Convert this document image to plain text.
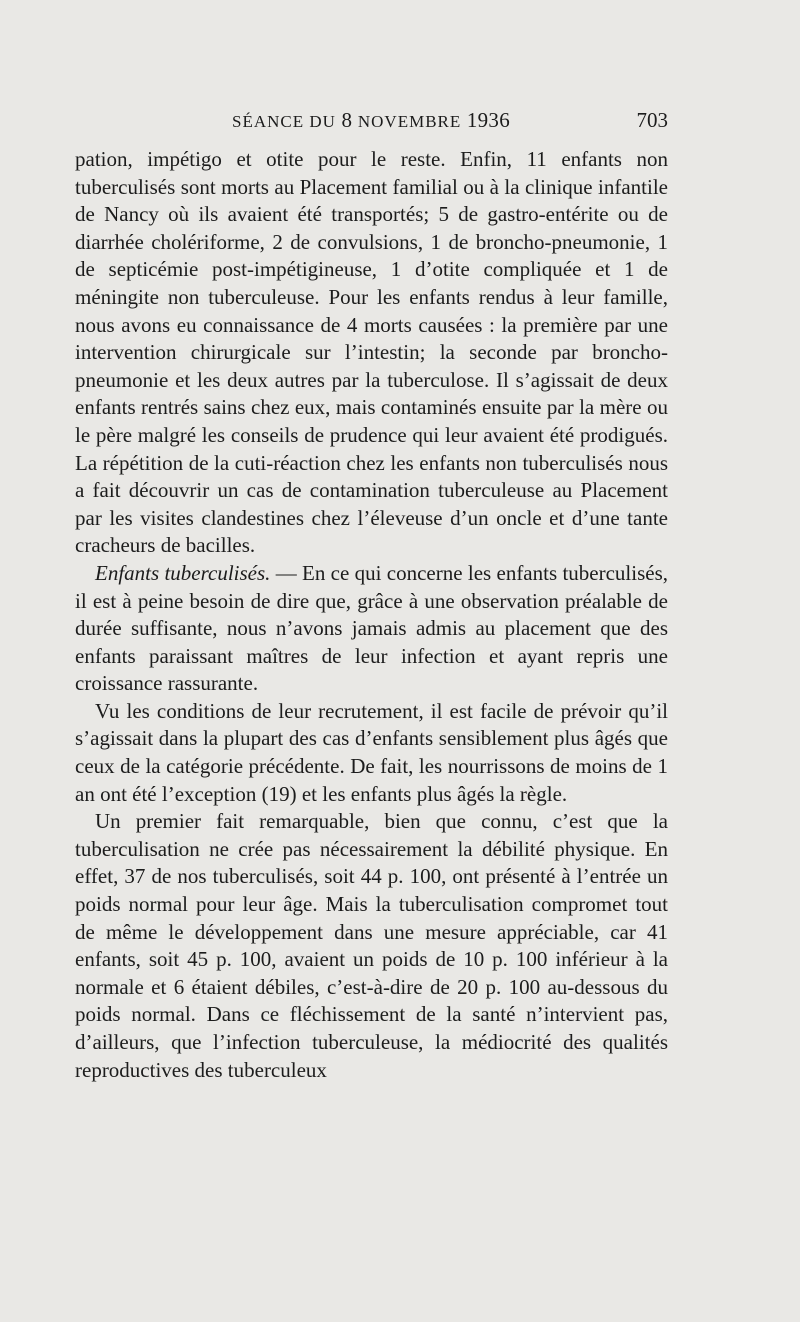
SÉANCE DU 8 NOVEMBRE 1936	703

pation, impétigo et otite pour le reste. Enfin, 11 enfants non tuberculisés sont morts au Placement familial ou à la clinique infantile de Nancy où ils avaient été transportés; 5 de gastro-entérite ou de diarrhée cholériforme, 2 de convulsions, 1 de broncho-pneumonie, 1 de septicémie post-impétigineuse, 1 d’otite compliquée et 1 de méningite non tuberculeuse. Pour les enfants rendus à leur famille, nous avons eu connaissance de 4 morts causées : la première par une intervention chirurgicale sur l’intestin; la seconde par broncho-pneumonie et les deux autres par la tuberculose. Il s’agissait de deux enfants rentrés sains chez eux, mais contaminés ensuite par la mère ou le père malgré les conseils de prudence qui leur avaient été prodigués. La répétition de la cuti-réaction chez les enfants non tuberculisés nous a fait découvrir un cas de contamination tuberculeuse au Placement par les visites clandestines chez l’éleveuse d’un oncle et d’une tante cracheurs de bacilles.

Enfants tuberculisés. — En ce qui concerne les enfants tuberculisés, il est à peine besoin de dire que, grâce à une observation préalable de durée suffisante, nous n’avons jamais admis au placement que des enfants paraissant maîtres de leur infection et ayant repris une croissance rassurante.

Vu les conditions de leur recrutement, il est facile de prévoir qu’il s’agissait dans la plupart des cas d’enfants sensiblement plus âgés que ceux de la catégorie précédente. De fait, les nourrissons de moins de 1 an ont été l’exception (19) et les enfants plus âgés la règle.

Un premier fait remarquable, bien que connu, c’est que la tuberculisation ne crée pas nécessairement la débilité physique. En effet, 37 de nos tuberculisés, soit 44 p. 100, ont présenté à l’entrée un poids normal pour leur âge. Mais la tuberculisation compromet tout de même le développement dans une mesure appréciable, car 41 enfants, soit 45 p. 100, avaient un poids de 10 p. 100 inférieur à la normale et 6 étaient débiles, c’est-à-dire de 20 p. 100 au-dessous du poids normal. Dans ce fléchissement de la santé n’intervient pas, d’ailleurs, que l’infection tuberculeuse, la médiocrité des qualités reproductives des tuberculeux
